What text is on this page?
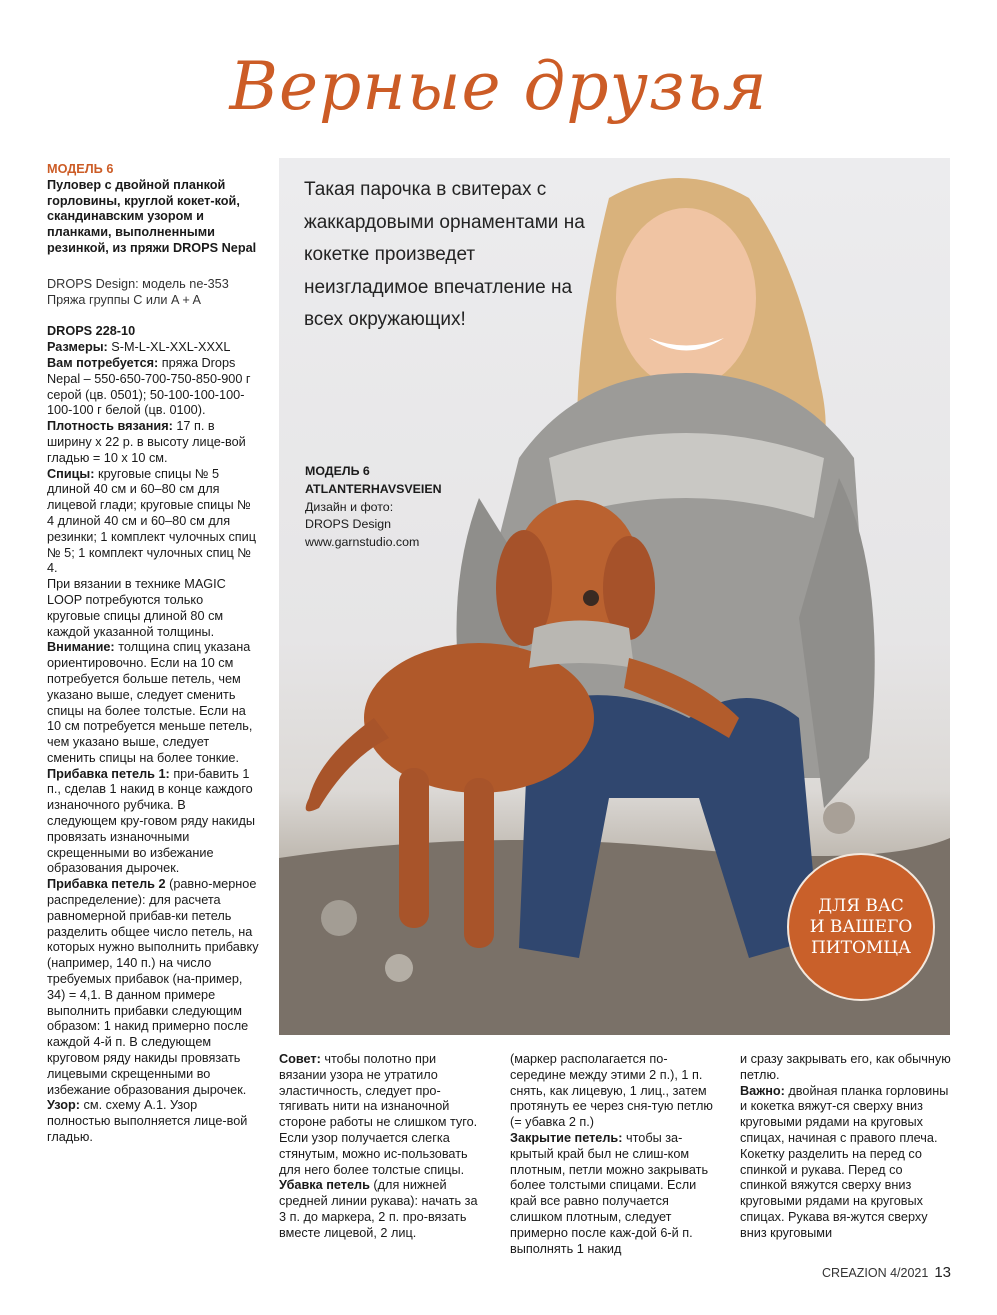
Верные друзья

МОДЕЛЬ 6

Пуловер с двойной планкой горловины, круглой кокет-кой, скандинавским узором и планками, выполненными резинкой, из пряжи DROPS Nepal

DROPS Design: модель ne-353
Пряжа группы C или A + A

DROPS 228-10

Размеры: S-M-L-XL-XXL-XXXL

Вам потребуется: пряжа Drops Nepal – 550-650-700-750-850-900 г серой (цв. 0501); 50-100-100-100-100-100 г белой (цв. 0100).

Плотность вязания: 17 п. в ширину х 22 р. в высоту лице-вой гладью = 10 х 10 см.

Спицы: круговые спицы № 5 длиной 40 см и 60–80 см для лицевой глади; круговые спицы № 4 длиной 40 см и 60–80 см для резинки; 1 комплект чулочных спиц № 5; 1 комплект чулочных спиц № 4.

При вязании в технике MAGIC LOOP потребуются только круговые спицы длиной 80 см каждой указанной толщины.

Внимание: толщина спиц указана ориентировочно. Если на 10 см потребуется больше петель, чем указано выше, следует сменить спицы на более толстые. Если на 10 см потребуется меньше петель, чем указано выше, следует сменить спицы на более тонкие.

Прибавка петель 1: при-бавить 1 п., сделав 1 накид в конце каждого изнаночного рубчика. В следующем кру-говом ряду накиды провязать изнаночными скрещенными во избежание образования дырочек.

Прибавка петель 2 (равно-мерное распределение): для расчета равномерной прибав-ки петель разделить общее число петель, на которых нужно выполнить прибавку (например, 140 п.) на число требуемых прибавок (на-пример, 34) = 4,1. В данном примере выполнить прибавки следующим образом: 1 накид примерно после каждой 4-й п. В следующем круговом ряду накиды провязать лицевыми скрещенными во избежание образования дырочек.

Узор: см. схему A.1. Узор полностью выполняется лице-вой гладью.

Такая парочка в свитерах с жаккардовыми орнаментами на кокетке произведет неизгладимое впечатление на всех окружающих!
МОДЕЛЬ 6
ATLANTERHAVSVEIEN
Дизайн и фото:
DROPS Design
www.garnstudio.com
ДЛЯ ВАС
И ВАШЕГО
ПИТОМЦА

Совет: чтобы полотно при вязании узора не утратило эластичность, следует про-тягивать нити на изнаночной стороне работы не слишком туго. Если узор получается слегка стянутым, можно ис-пользовать для него более толстые спицы.

Убавка петель (для нижней средней линии рукава): начать за 3 п. до маркера, 2 п. про-вязать вместе лицевой, 2 лиц.

(маркер располагается по-середине между этими 2 п.), 1 п. снять, как лицевую, 1 лиц., затем протянуть ее через сня-тую петлю (= убавка 2 п.)

Закрытие петель: чтобы за-крытый край был не слиш-ком плотным, петли можно закрывать более толстыми спицами. Если край все равно получается слишком плотным, следует примерно после каж-дой 6-й п. выполнять 1 накид

и сразу закрывать его, как обычную петлю.

Важно: двойная планка горловины и кокетка вяжут-ся сверху вниз круговыми рядами на круговых спицах, начиная с правого плеча. Кокетку разделить на перед со спинкой и рукава. Перед со спинкой вяжутся сверху вниз круговыми рядами на круговых спицах. Рукава вя-жутся сверху вниз круговыми

CREAZION 4/2021 13
